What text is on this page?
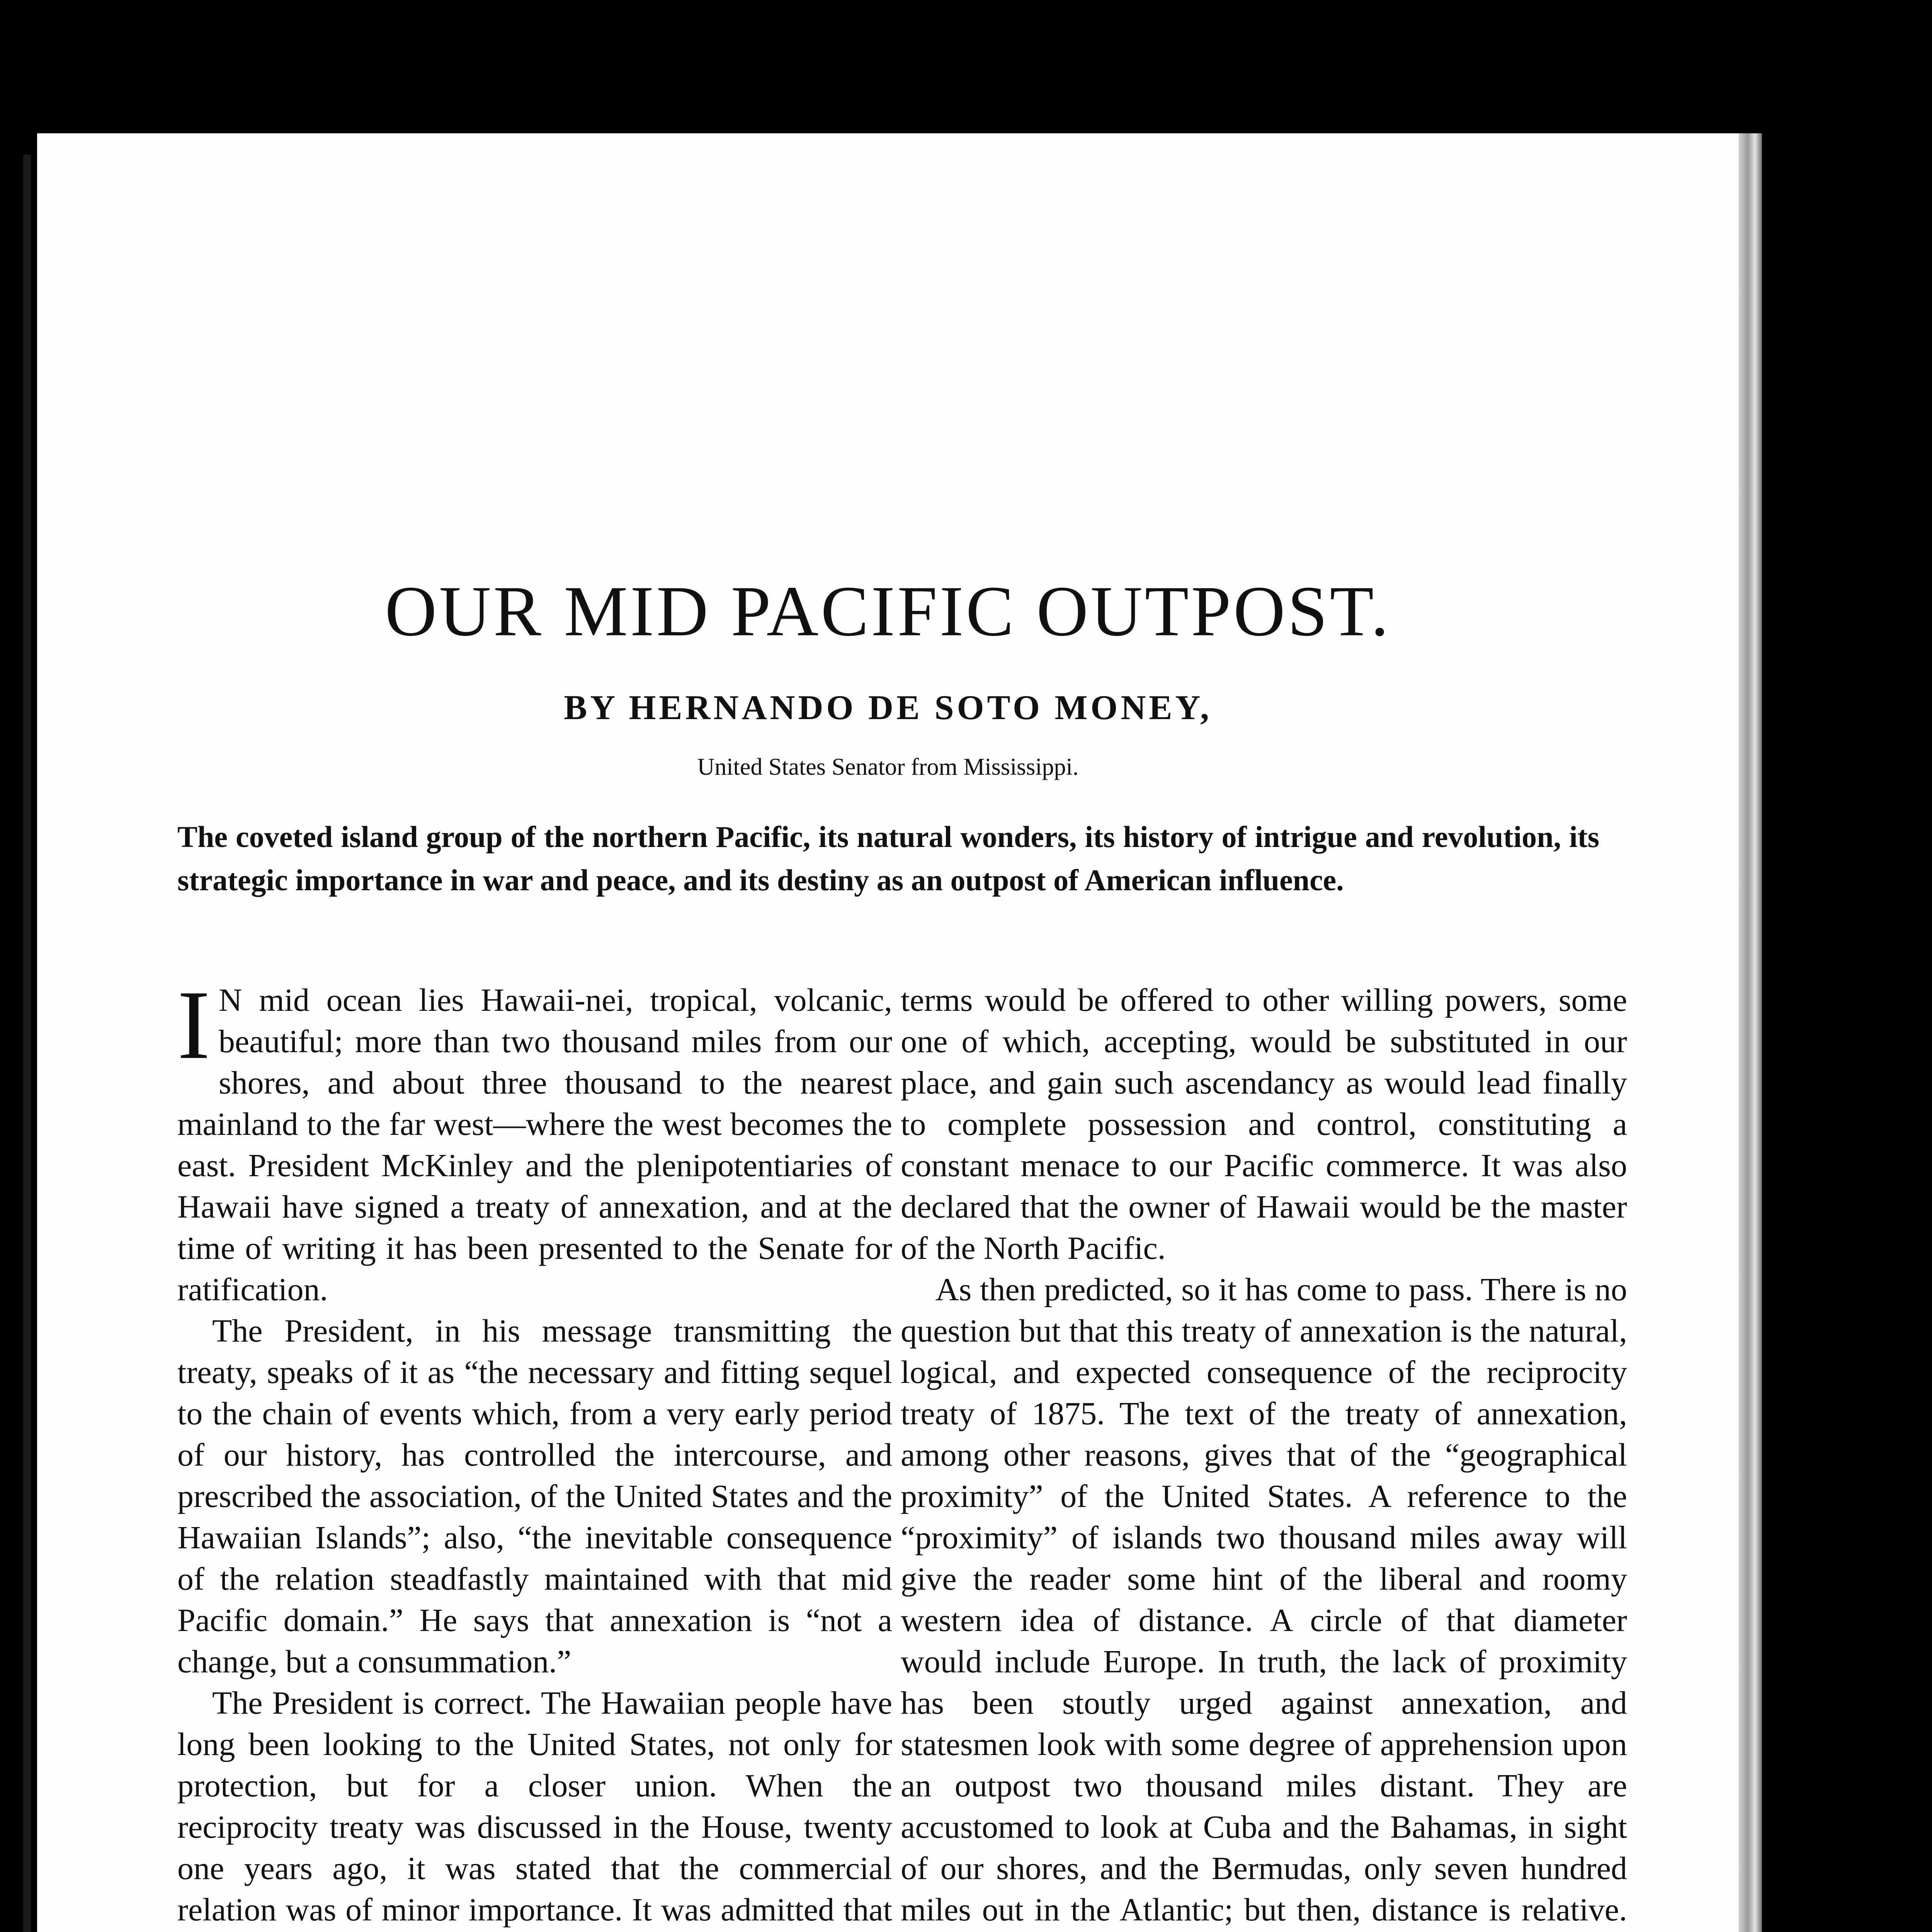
OUR MID PACIFIC OUTPOST.
BY HERNANDO DE SOTO MONEY,
United States Senator from Mississippi.
The coveted island group of the northern Pacific, its natural wonders, its history of intrigue and revolution, its strategic importance in war and peace, and its destiny as an outpost of American influence.

I N mid ocean lies Hawaii-nei, tropical, volcanic, beautiful; more than two thousand miles from our shores, and about three thousand to the nearest mainland to the far west—where the west becomes the east. President McKinley and the plenipotentiaries of Hawaii have signed a treaty of annexation, and at the time of writing it has been presented to the Senate for ratification.

The President, in his message transmitting the treaty, speaks of it as “the necessary and fitting sequel to the chain of events which, from a very early period of our history, has controlled the intercourse, and prescribed the association, of the United States and the Hawaiian Islands”; also, “the inevitable consequence of the relation steadfastly maintained with that mid Pacific domain.” He says that annexation is “not a change, but a consummation.”

The President is correct. The Hawaiian people have long been looking to the United States, not only for protection, but for a closer union. When the reciprocity treaty was discussed in the House, twenty one years ago, it was stated that the commercial relation was of minor importance. It was admitted that

terms would be offered to other willing powers, some one of which, accepting, would be substituted in our place, and gain such ascendancy as would lead finally to complete possession and control, constituting a constant menace to our Pacific commerce. It was also declared that the owner of Hawaii would be the master of the North Pacific.

As then predicted, so it has come to pass. There is no question but that this treaty of annexation is the natural, logical, and expected consequence of the reciprocity treaty of 1875. The text of the treaty of annexation, among other reasons, gives that of the “geographical proximity” of the United States. A reference to the “proximity” of islands two thousand miles away will give the reader some hint of the liberal and roomy western idea of distance. A circle of that diameter would include Europe. In truth, the lack of proximity has been stoutly urged against annexation, and statesmen look with some degree of apprehension upon an outpost two thousand miles distant. They are accustomed to look at Cuba and the Bahamas, in sight of our shores, and the Bermudas, only seven hundred miles out in the Atlantic; but then, distance is relative.
